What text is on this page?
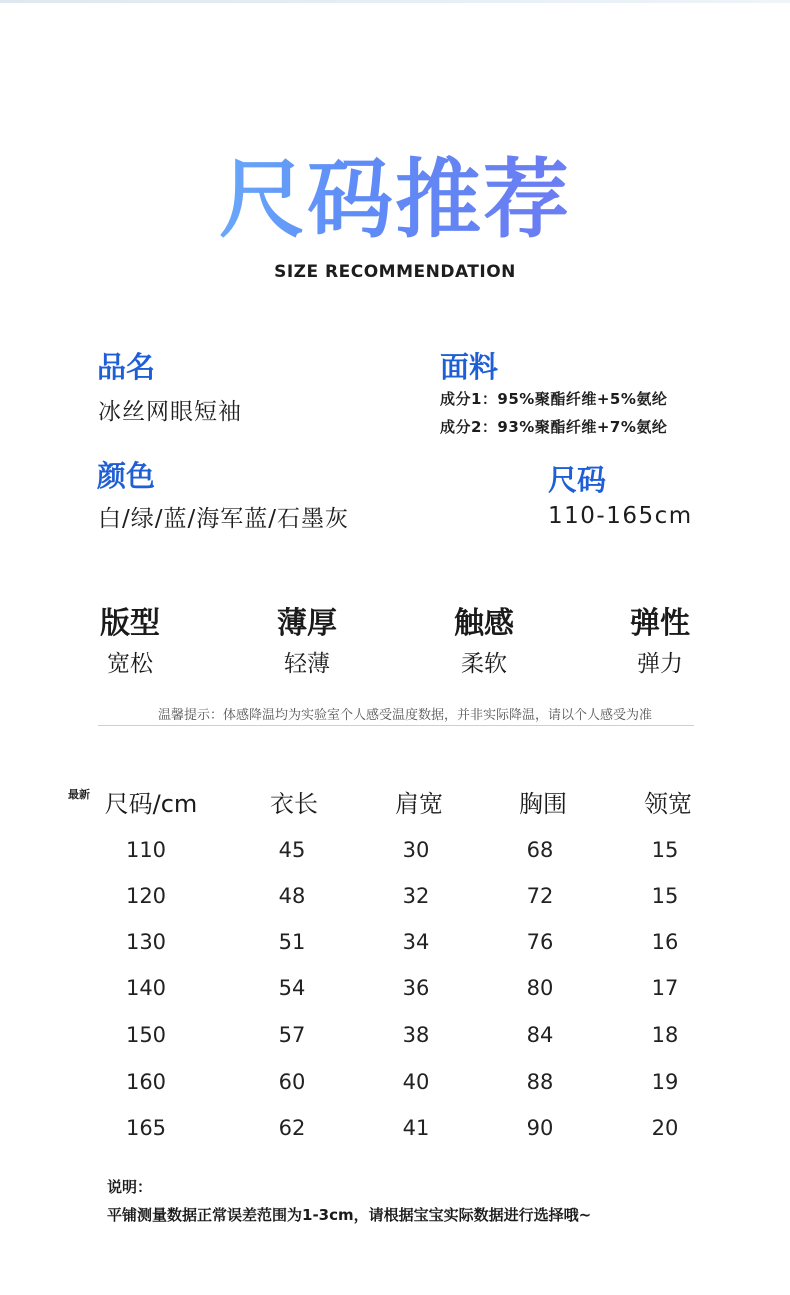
尺码推荐
SIZE RECOMMENDATION
品名
冰丝网眼短袖
面料
成分1：95%聚酯纤维+5%氨纶
成分2：93%聚酯纤维+7%氨纶
颜色
白/绿/蓝/海军蓝/石墨灰
尺码
110-165cm
版型
宽松
薄厚
轻薄
触感
柔软
弹性
弹力
温馨提示：体感降温均为实验室个人感受温度数据，并非实际降温，请以个人感受为准
最新 尺码/cm	衣长	肩宽	胸围	领宽
110	45	30	68	15
120	48	32	72	15
130	51	34	76	16
140	54	36	80	17
150	57	38	84	18
160	60	40	88	19
165	62	41	90	20
说明：
平铺测量数据正常误差范围为1-3cm，请根据宝宝实际数据进行选择哦~
